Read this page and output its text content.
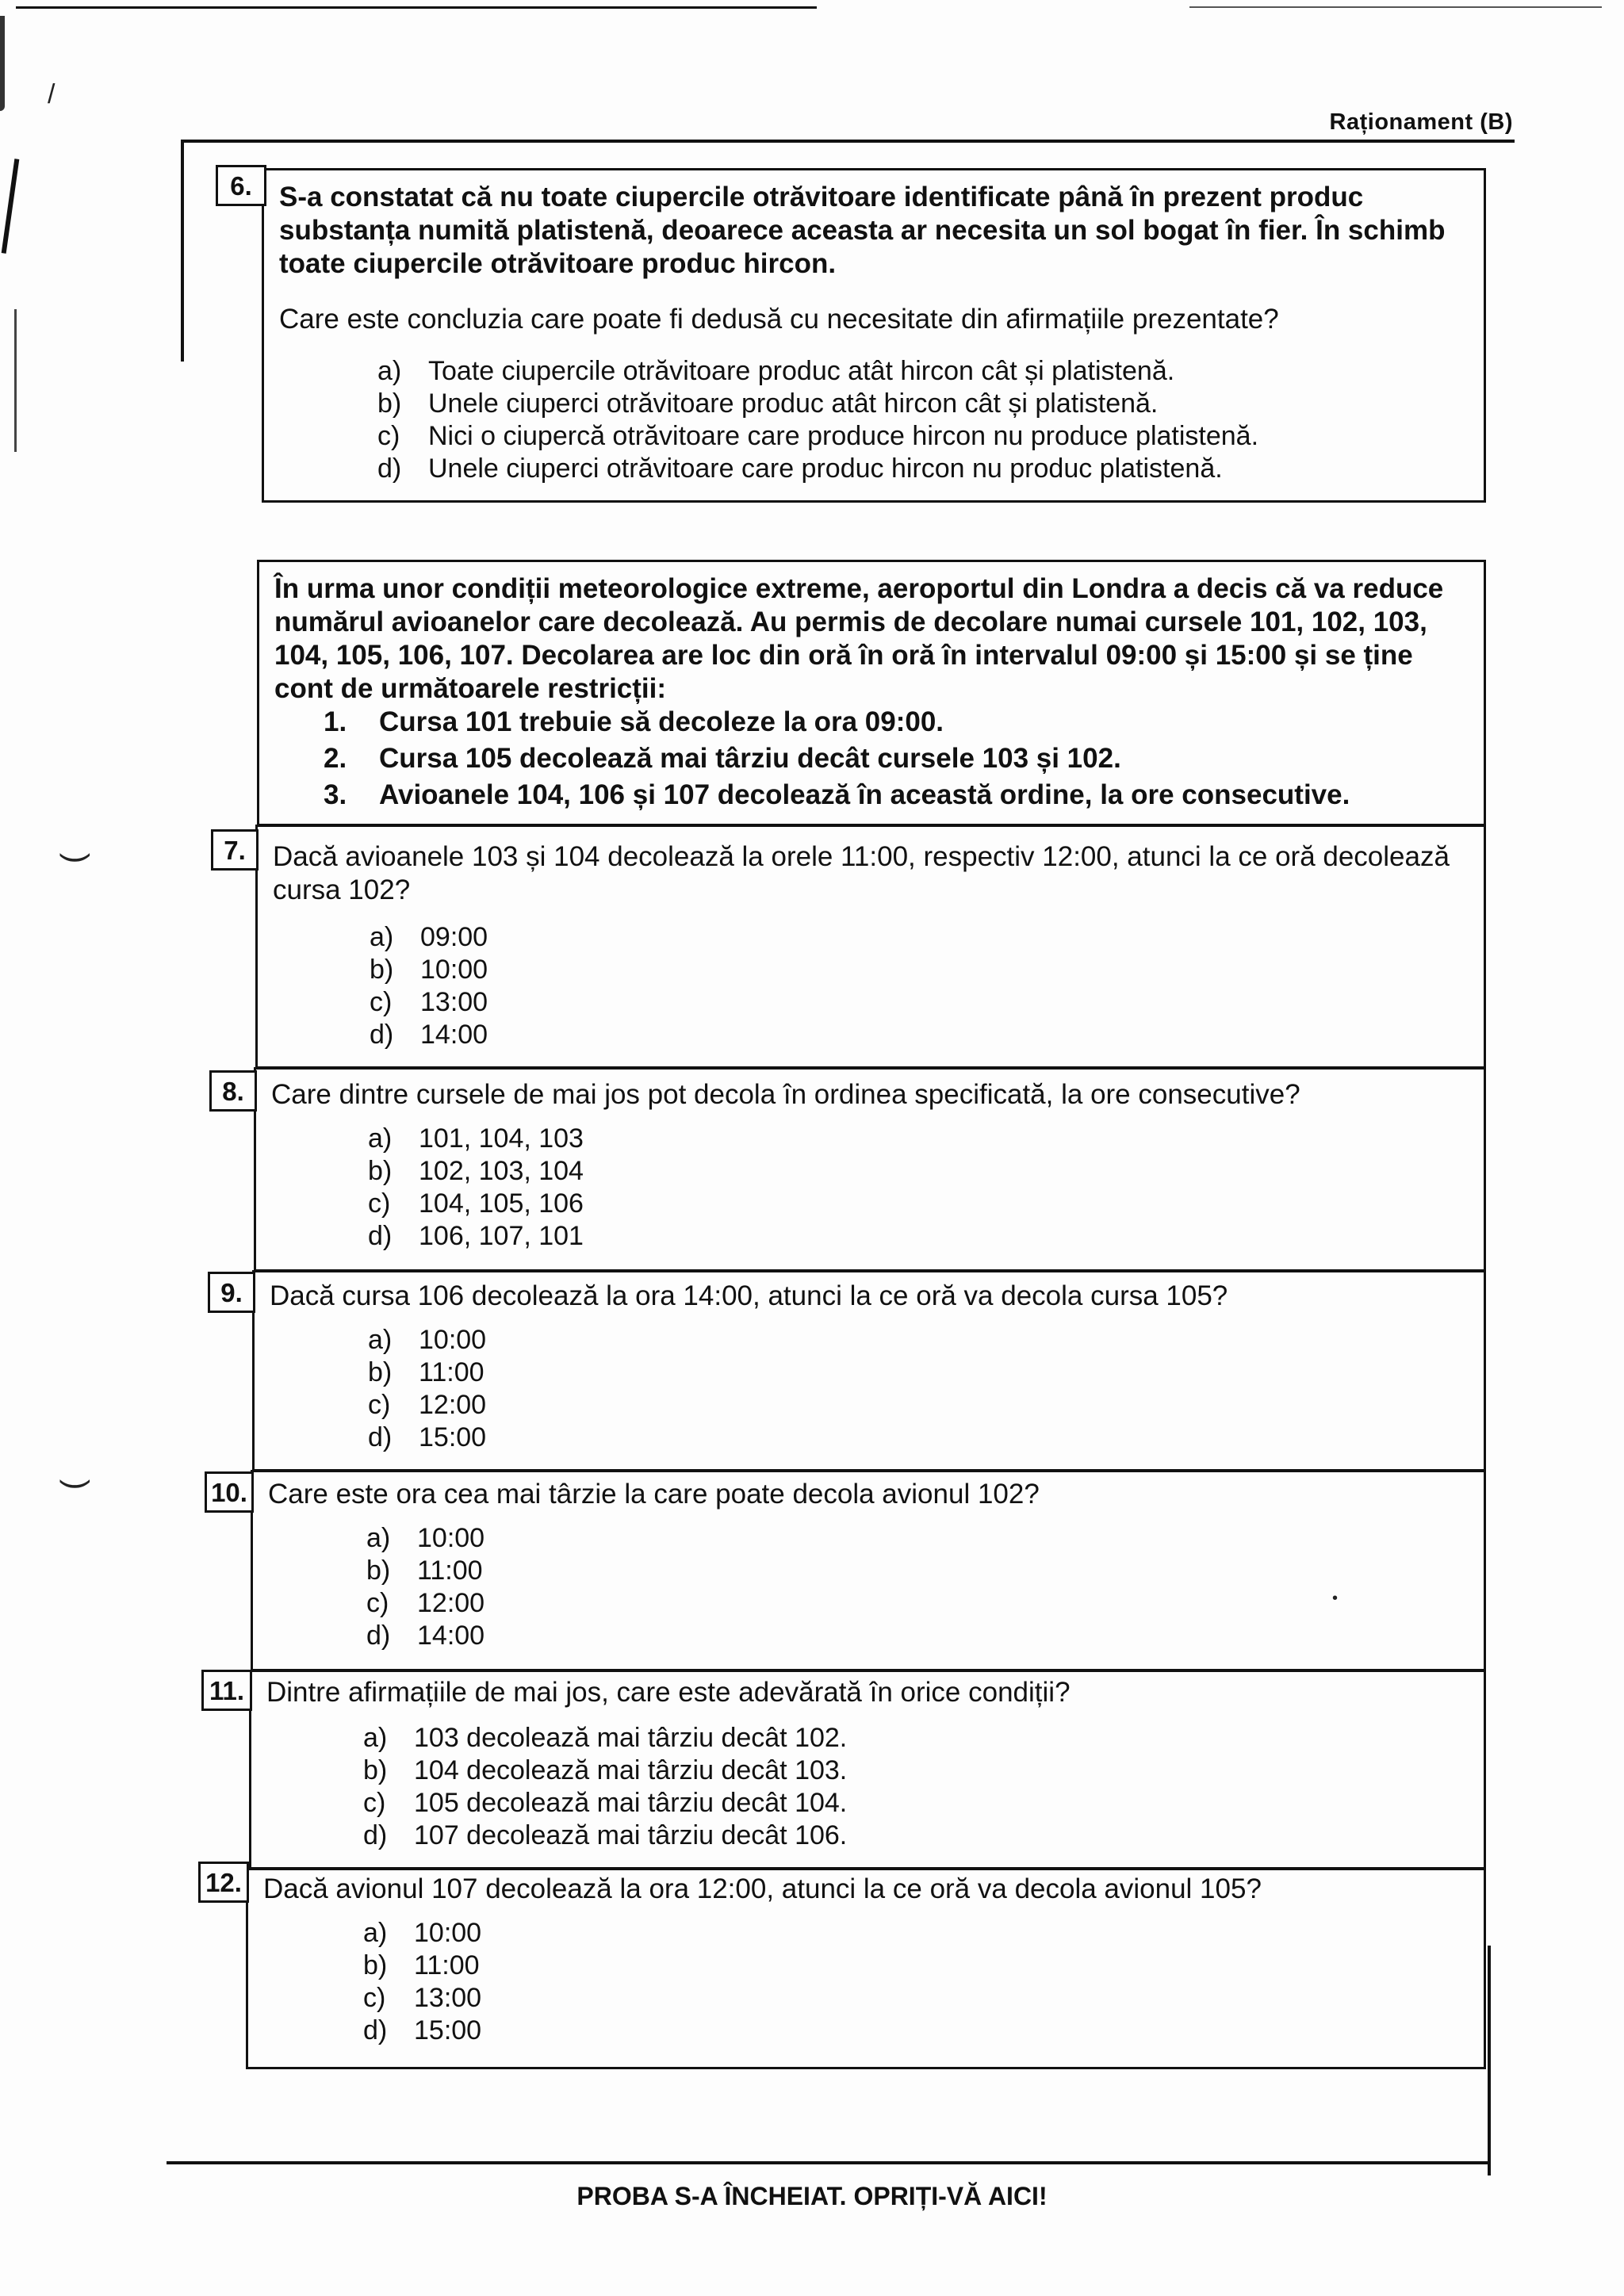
/
)
)
•
Raționament (B)
6. S-a constatat că nu toate ciupercile otrăvitoare identificate până în prezent produc substanța numită platistenă, deoarece aceasta ar necesita un sol bogat în fier. În schimb toate ciupercile otrăvitoare produc hircon.
Care este concluzia care poate fi dedusă cu necesitate din afirmațiile prezentate?
a) Toate ciupercile otrăvitoare produc atât hircon cât și platistenă.
b) Unele ciuperci otrăvitoare produc atât hircon cât și platistenă.
c) Nici o ciupercă otrăvitoare care produce hircon nu produce platistenă.
d) Unele ciuperci otrăvitoare care produc hircon nu produc platistenă.
În urma unor condiții meteorologice extreme, aeroportul din Londra a decis că va reduce numărul avioanelor care decolează. Au permis de decolare numai cursele 101, 102, 103, 104, 105, 106, 107. Decolarea are loc din oră în oră în intervalul 09:00 și 15:00 și se ține cont de următoarele restricții:
1. Cursa 101 trebuie să decoleze la ora 09:00.
2. Cursa 105 decolează mai târziu decât cursele 103 și 102.
3. Avioanele 104, 106 și 107 decolează în această ordine, la ore consecutive.
7. Dacă avioanele 103 și 104 decolează la orele 11:00, respectiv 12:00, atunci la ce oră decolează cursa 102?
a) 09:00
b) 10:00
c) 13:00
d) 14:00
8. Care dintre cursele de mai jos pot decola în ordinea specificată, la ore consecutive?
a) 101, 104, 103
b) 102, 103, 104
c) 104, 105, 106
d) 106, 107, 101
9. Dacă cursa 106 decolează la ora 14:00, atunci la ce oră va decola cursa 105?
a) 10:00
b) 11:00
c) 12:00
d) 15:00
10. Care este ora cea mai târzie la care poate decola avionul 102?
a) 10:00
b) 11:00
c) 12:00
d) 14:00
11. Dintre afirmațiile de mai jos, care este adevărată în orice condiții?
a) 103 decolează mai târziu decât 102.
b) 104 decolează mai târziu decât 103.
c) 105 decolează mai târziu decât 104.
d) 107 decolează mai târziu decât 106.
12. Dacă avionul 107 decolează la ora 12:00, atunci la ce oră va decola avionul 105?
a) 10:00
b) 11:00
c) 13:00
d) 15:00
PROBA S-A ÎNCHEIAT. OPRIȚI-VĂ AICI!
